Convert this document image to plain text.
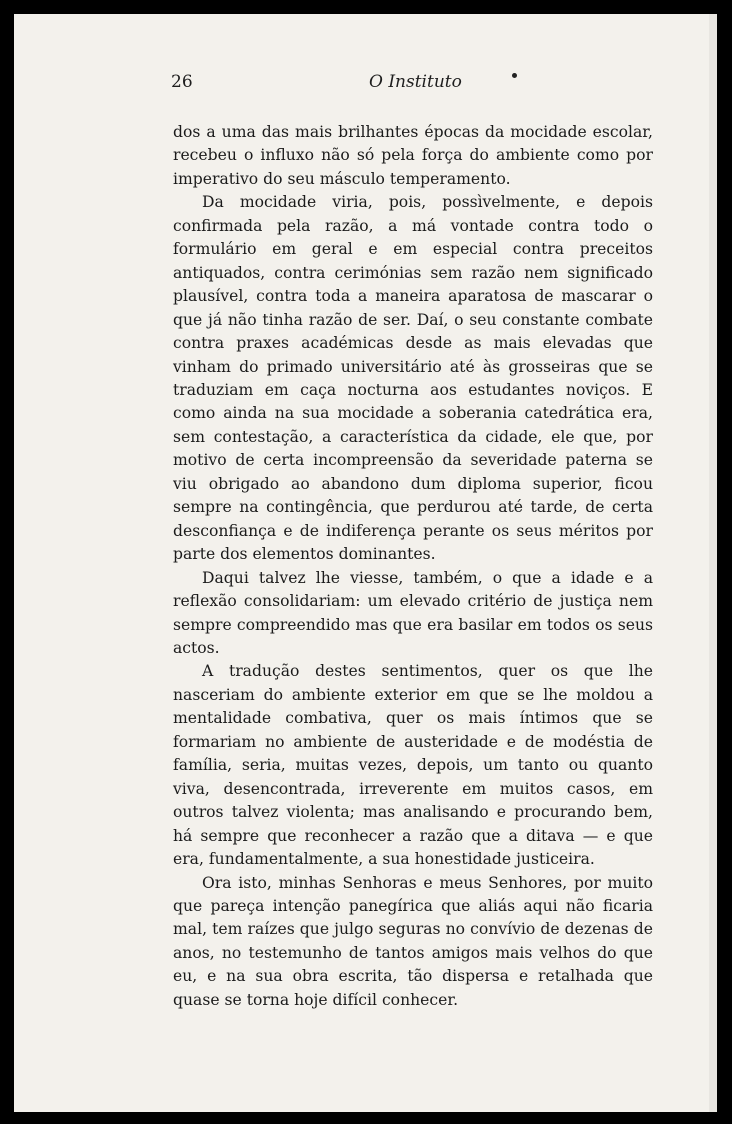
26	O Instituto

dos a uma das mais brilhantes épocas da mocidade escolar, recebeu o influxo não só pela força do ambiente como por imperativo do seu másculo temperamento.

Da mocidade viria, pois, possìvelmente, e depois confirmada pela razão, a má vontade contra todo o formulário em geral e em especial contra preceitos antiquados, contra cerimónias sem razão nem significado plausível, contra toda a maneira aparatosa de mascarar o que já não tinha razão de ser. Daí, o seu constante combate contra praxes académicas desde as mais elevadas que vinham do primado universitário até às grosseiras que se traduziam em caça nocturna aos estudantes noviços. E como ainda na sua mocidade a soberania catedrática era, sem contestação, a característica da cidade, ele que, por motivo de certa incompreensão da severidade paterna se viu obrigado ao abandono dum diploma superior, ficou sempre na contingência, que perdurou até tarde, de certa desconfiança e de indiferença perante os seus méritos por parte dos elementos dominantes.

Daqui talvez lhe viesse, também, o que a idade e a reflexão consolidariam: um elevado critério de justiça nem sempre compreendido mas que era basilar em todos os seus actos.

A tradução destes sentimentos, quer os que lhe nasceriam do ambiente exterior em que se lhe moldou a mentalidade combativa, quer os mais íntimos que se formariam no ambiente de austeridade e de modéstia de família, seria, muitas vezes, depois, um tanto ou quanto viva, desencontrada, irreverente em muitos casos, em outros talvez violenta; mas analisando e procurando bem, há sempre que reconhecer a razão que a ditava — e que era, fundamentalmente, a sua honestidade justiceira.

Ora isto, minhas Senhoras e meus Senhores, por muito que pareça intenção panegírica que aliás aqui não ficaria mal, tem raízes que julgo seguras no convívio de dezenas de anos, no testemunho de tantos amigos mais velhos do que eu, e na sua obra escrita, tão dispersa e retalhada que quase se torna hoje difícil conhecer.
